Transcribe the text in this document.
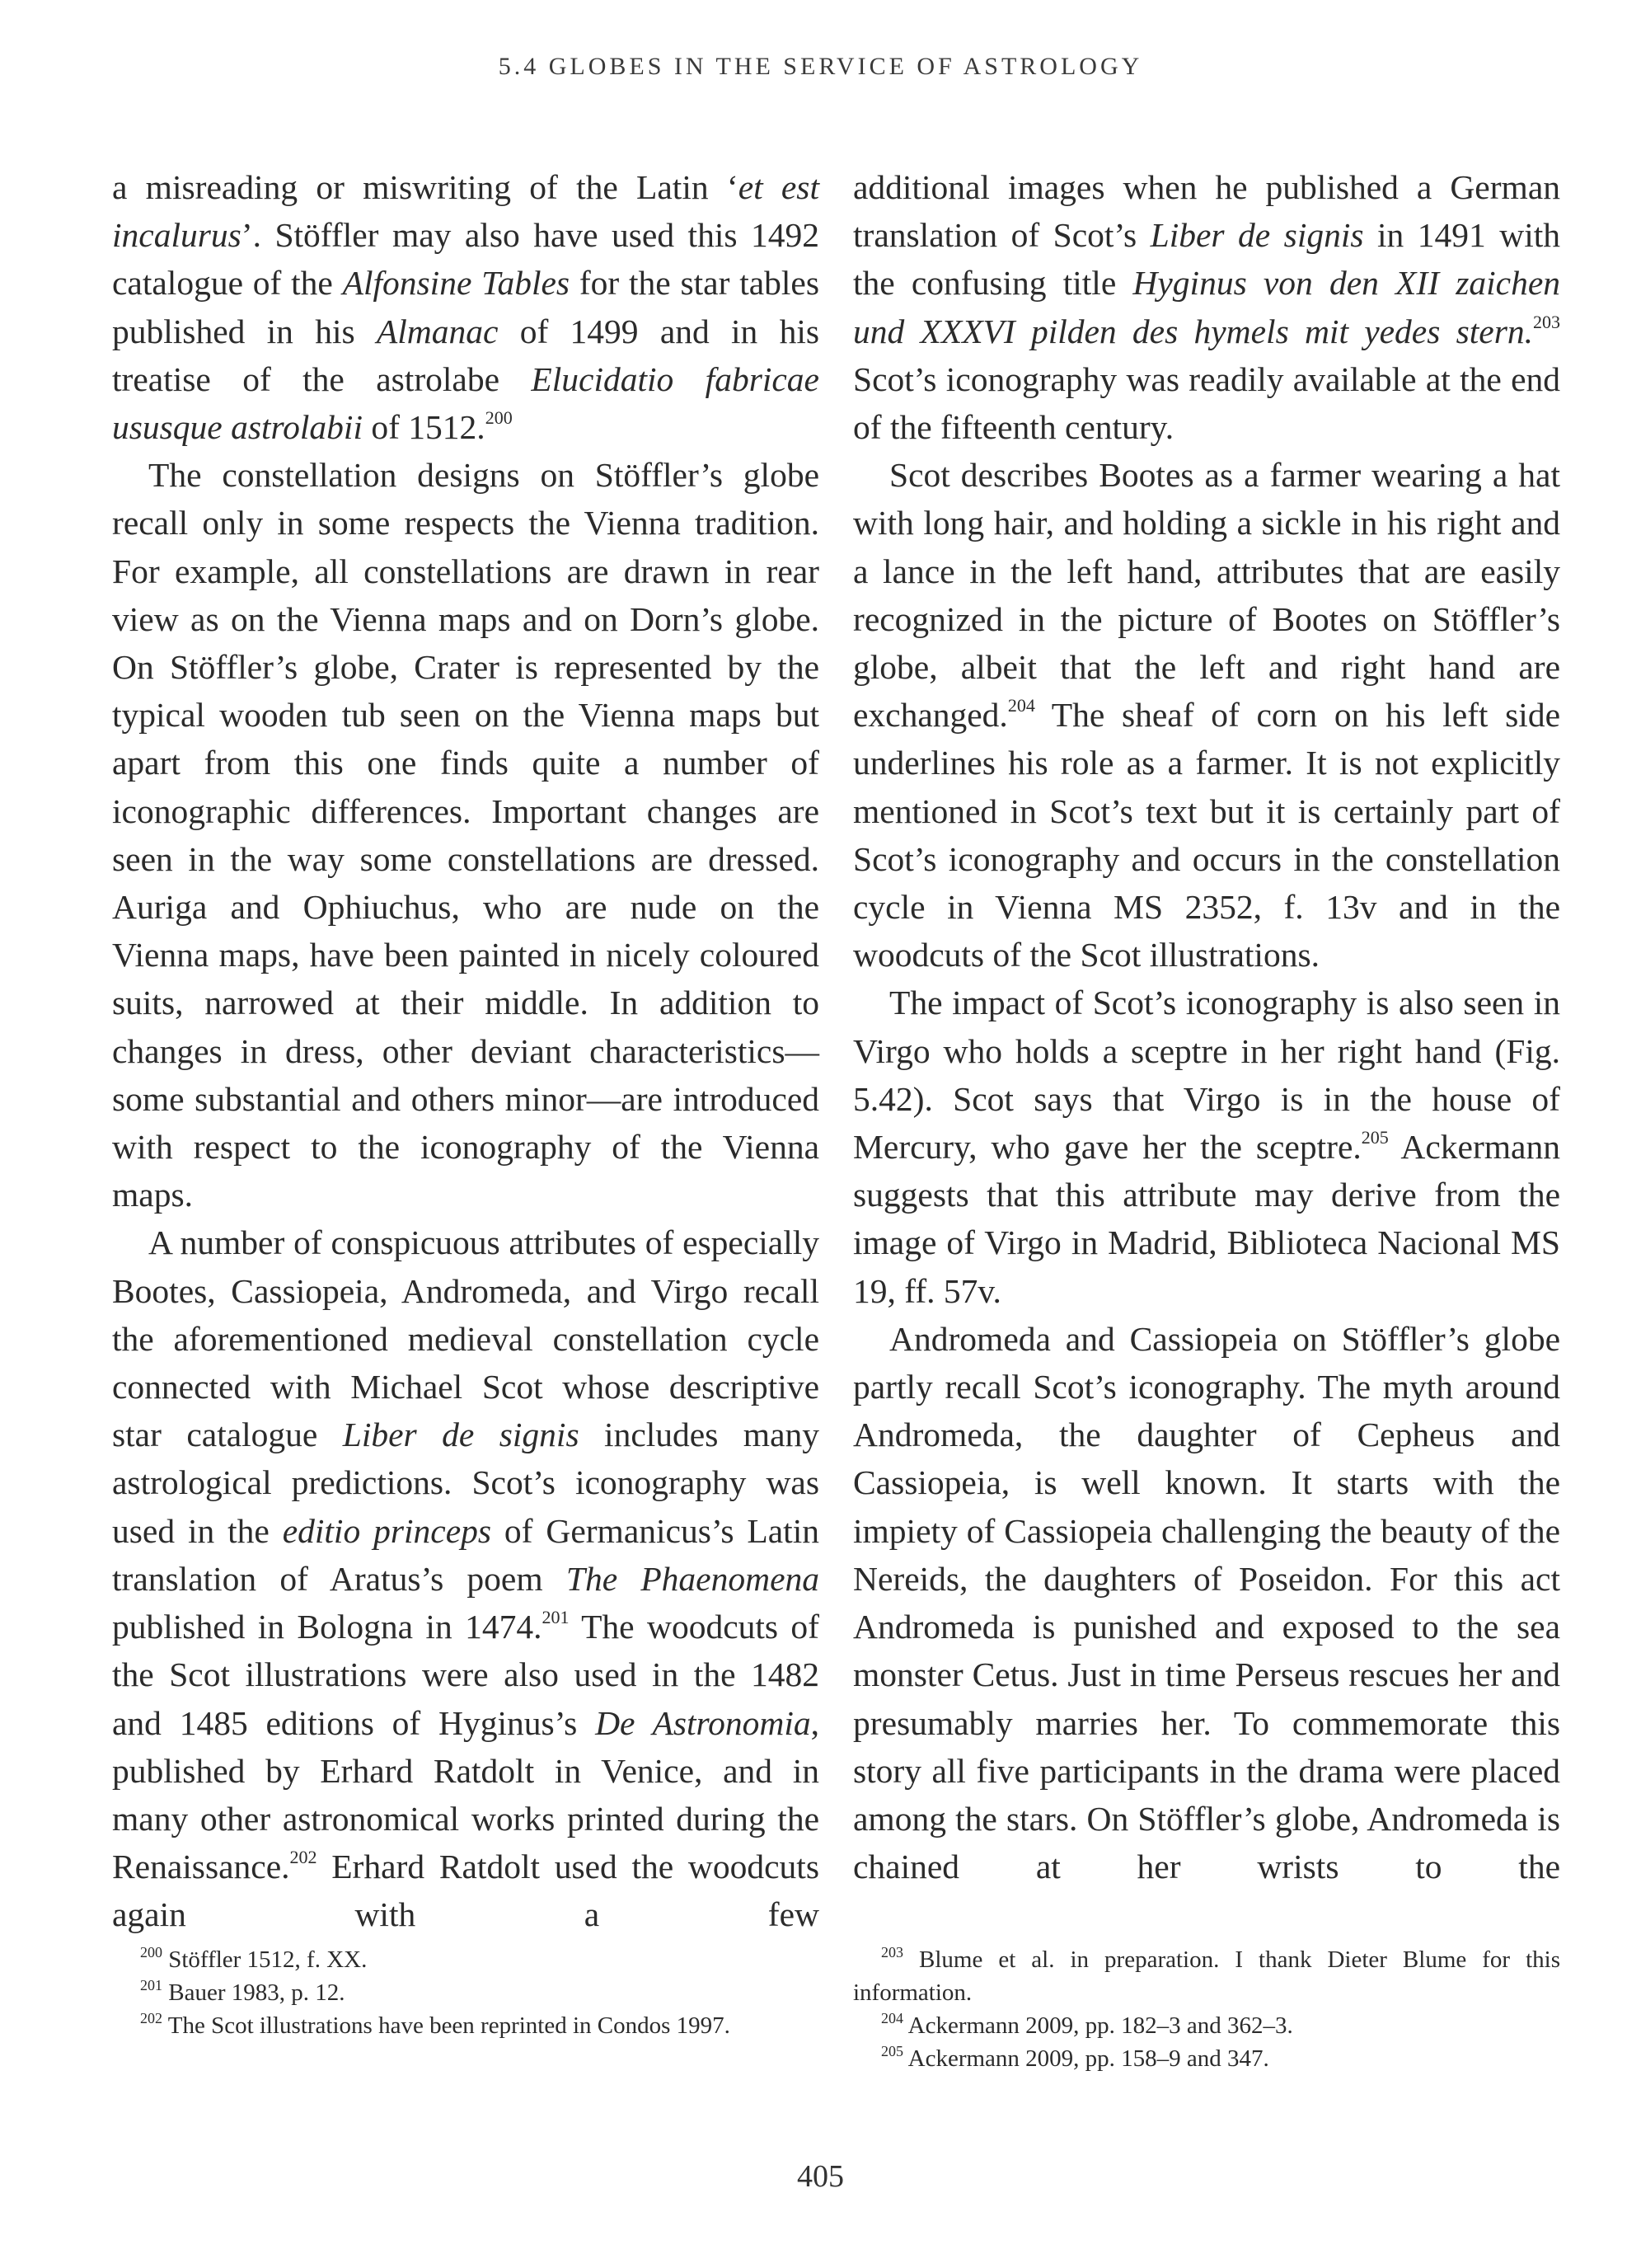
5.4 GLOBES IN THE SERVICE OF ASTROLOGY

a misreading or miswriting of the Latin ‘et est incalurus’. Stöffler may also have used this 1492 catalogue of the Alfonsine Tables for the star tables published in his Almanac of 1499 and in his treatise of the astrolabe Elucidatio fabricae ususque astrolabii of 1512.$^{200}$

The constellation designs on Stöffler’s globe recall only in some respects the Vienna tradition. For example, all constellations are drawn in rear view as on the Vienna maps and on Dorn’s globe. On Stöffler’s globe, Crater is represented by the typical wooden tub seen on the Vienna maps but apart from this one finds quite a number of iconographic differences. Important changes are seen in the way some constellations are dressed. Auriga and Ophiuchus, who are nude on the Vienna maps, have been painted in nicely coloured suits, narrowed at their middle. In addition to changes in dress, other deviant characteristics—some substantial and others minor—are introduced with respect to the iconography of the Vienna maps.

A number of conspicuous attributes of especially Bootes, Cassiopeia, Andromeda, and Virgo recall the aforementioned medieval constellation cycle connected with Michael Scot whose descriptive star catalogue Liber de signis includes many astrological predictions. Scot’s iconography was used in the editio princeps of Germanicus’s Latin translation of Aratus’s poem The Phaenomena published in Bologna in 1474.$^{201}$ The woodcuts of the Scot illustrations were also used in the 1482 and 1485 editions of Hyginus’s De Astronomia, published by Erhard Ratdolt in Venice, and in many other astronomical works printed during the Renaissance.$^{202}$ Erhard Ratdolt used the woodcuts again with a few

additional images when he published a German translation of Scot’s Liber de signis in 1491 with the confusing title Hyginus von den XII zaichen und XXXVI pilden des hymels mit yedes stern.$^{203}$ Scot’s iconography was readily available at the end of the fifteenth century.

Scot describes Bootes as a farmer wearing a hat with long hair, and holding a sickle in his right and a lance in the left hand, attributes that are easily recognized in the picture of Bootes on Stöffler’s globe, albeit that the left and right hand are exchanged.$^{204}$ The sheaf of corn on his left side underlines his role as a farmer. It is not explicitly mentioned in Scot’s text but it is certainly part of Scot’s iconography and occurs in the constellation cycle in Vienna MS 2352, f. 13v and in the woodcuts of the Scot illustrations.

The impact of Scot’s iconography is also seen in Virgo who holds a sceptre in her right hand (Fig. 5.42). Scot says that Virgo is in the house of Mercury, who gave her the sceptre.$^{205}$ Ackermann suggests that this attribute may derive from the image of Virgo in Madrid, Biblioteca Nacional MS 19, ff. 57v.

Andromeda and Cassiopeia on Stöffler’s globe partly recall Scot’s iconography. The myth around Andromeda, the daughter of Cepheus and Cassiopeia, is well known. It starts with the impiety of Cassiopeia challenging the beauty of the Nereids, the daughters of Poseidon. For this act Andromeda is punished and exposed to the sea monster Cetus. Just in time Perseus rescues her and presumably marries her. To commemorate this story all five participants in the drama were placed among the stars. On Stöffler’s globe, Andromeda is chained at her wrists to the

$^{200}$ Stöffler 1512, f. XX.

$^{201}$ Bauer 1983, p. 12.

$^{202}$ The Scot illustrations have been reprinted in Condos 1997.

$^{203}$ Blume et al. in preparation. I thank Dieter Blume for this information.

$^{204}$ Ackermann 2009, pp. 182–3 and 362–3.

$^{205}$ Ackermann 2009, pp. 158–9 and 347.

405
